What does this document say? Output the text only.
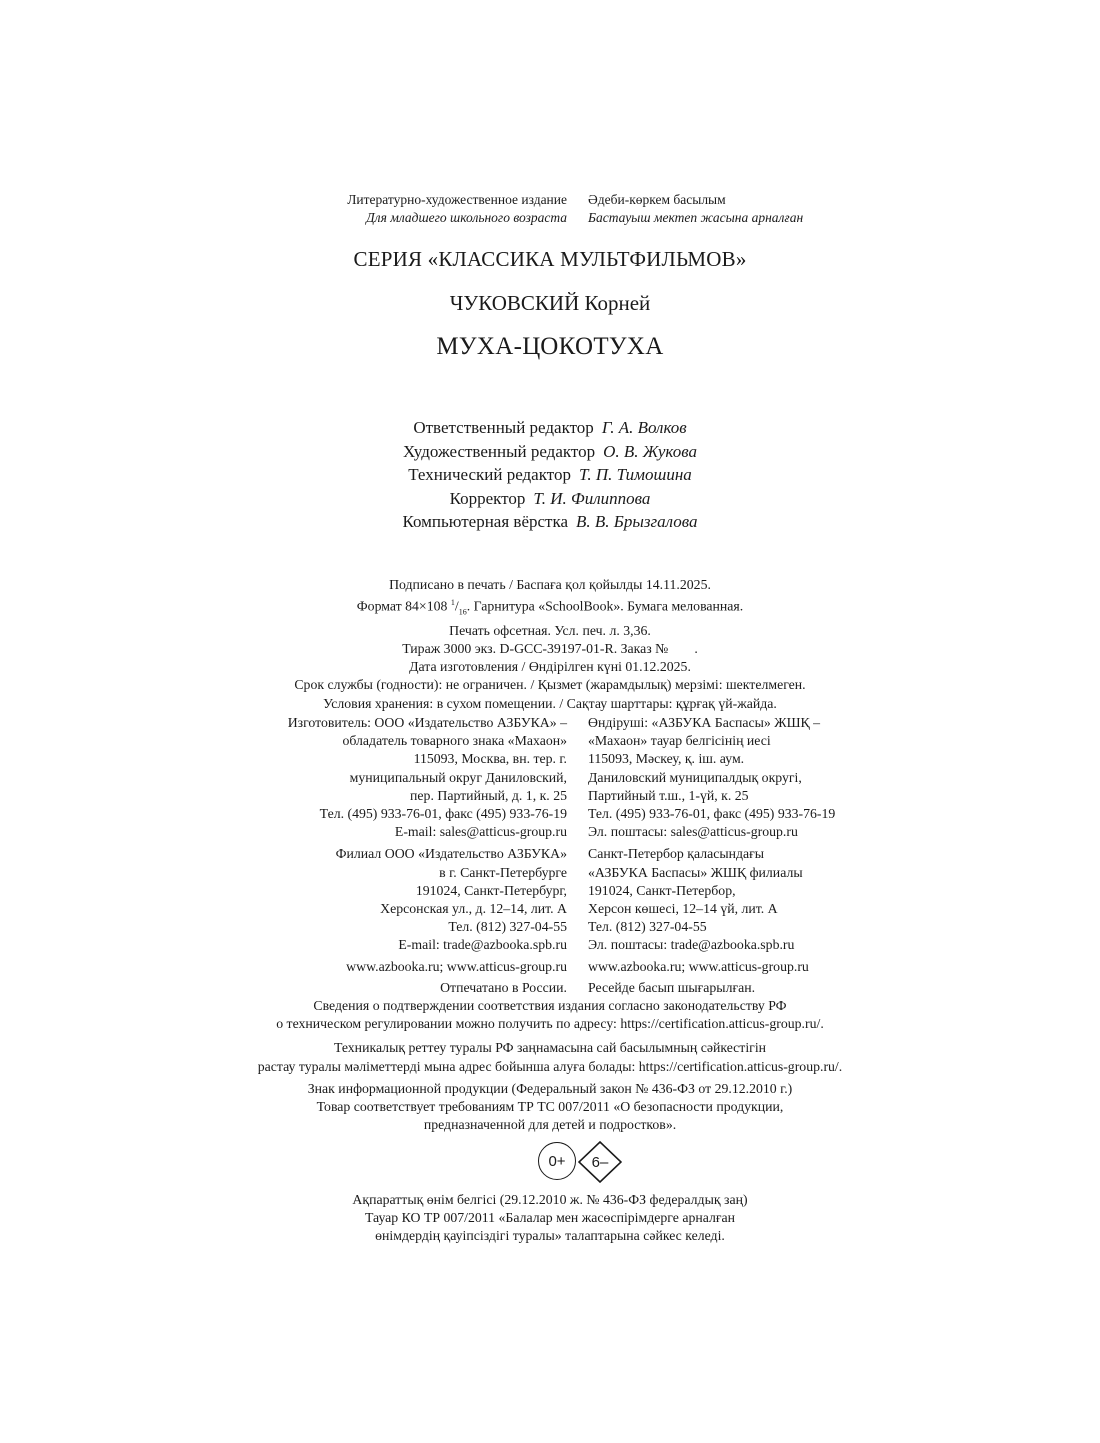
Литературно-художественное издание
Для младшего школьного возраста
Әдеби-көркем басылым
Бастауыш мектеп жасына арналған
СЕРИЯ «КЛАССИКА МУЛЬТФИЛЬМОВ»
ЧУКОВСКИЙ Корней
МУХА-ЦОКОТУХА
Ответственный редактор Г. А. Волков
Художественный редактор О. В. Жукова
Технический редактор Т. П. Тимошина
Корректор Т. И. Филиппова
Компьютерная вёрстка В. В. Брызгалова
Подписано в печать / Баспаға қол қойылды 14.11.2025.
Формат 84×108 $^1/_{16}$. Гарнитура «SchoolBook». Бумага мелованная.
Печать офсетная. Усл. печ. л. 3,36.
Тираж 3000 экз. D-GCC-39197-01-R. Заказ № .
Дата изготовления / Өндірілген күні 01.12.2025.
Срок службы (годности): не ограничен. / Қызмет (жарамдылық) мерзімі: шектелмеген.
Условия хранения: в сухом помещении. / Сақтау шарттары: құрғақ үй-жайда.
Изготовитель: ООО «Издательство АЗБУКА» –
обладатель товарного знака «Махаон»
115093, Москва, вн. тер. г.
муниципальный округ Даниловский,
пер. Партийный, д. 1, к. 25
Тел. (495) 933-76-01, факс (495) 933-76-19
E-mail: sales@atticus-group.ru
Филиал ООО «Издательство АЗБУКА»
в г. Санкт-Петербурге
191024, Санкт-Петербург,
Херсонская ул., д. 12–14, лит. А
Тел. (812) 327-04-55
E-mail: trade@azbooka.spb.ru
www.azbooka.ru; www.atticus-group.ru
Отпечатано в России.
Өндіруші: «АЗБУКА Баспасы» ЖШҚ –
«Махаон» тауар белгісінің иесі
115093, Мәскеу, қ. іш. аум.
Даниловский муниципалдық округі,
Партийный т.ш., 1-үй, к. 25
Тел. (495) 933-76-01, факс (495) 933-76-19
Эл. поштасы: sales@atticus-group.ru
Санкт-Петербор қаласындағы
«АЗБУКА Баспасы» ЖШҚ филиалы
191024, Санкт-Петербор,
Херсон көшесі, 12–14 үй, лит. А
Тел. (812) 327-04-55
Эл. поштасы: trade@azbooka.spb.ru
www.azbooka.ru; www.atticus-group.ru
Ресейде басып шығарылған.
Сведения о подтверждении соответствия издания согласно законодательству РФ
о техническом регулировании можно получить по адресу: https://certification.atticus-group.ru/.
Техникалық реттеу туралы РФ заңнамасына сай басылымның сәйкестігін
растау туралы мәліметтерді мына адрес бойынша алуға болады: https://certification.atticus-group.ru/.
Знак информационной продукции (Федеральный закон № 436-ФЗ от 29.12.2010 г.)
Товар соответствует требованиям ТР ТС 007/2011 «О безопасности продукции,
предназначенной для детей и подростков».
0+	6–
Ақпараттық өнім белгісі (29.12.2010 ж. № 436-ФЗ федералдық заң)
Тауар КО ТР 007/2011 «Балалар мен жасөспірімдерге арналған
өнімдердің қауіпсіздігі туралы» талаптарына сәйкес келеді.
